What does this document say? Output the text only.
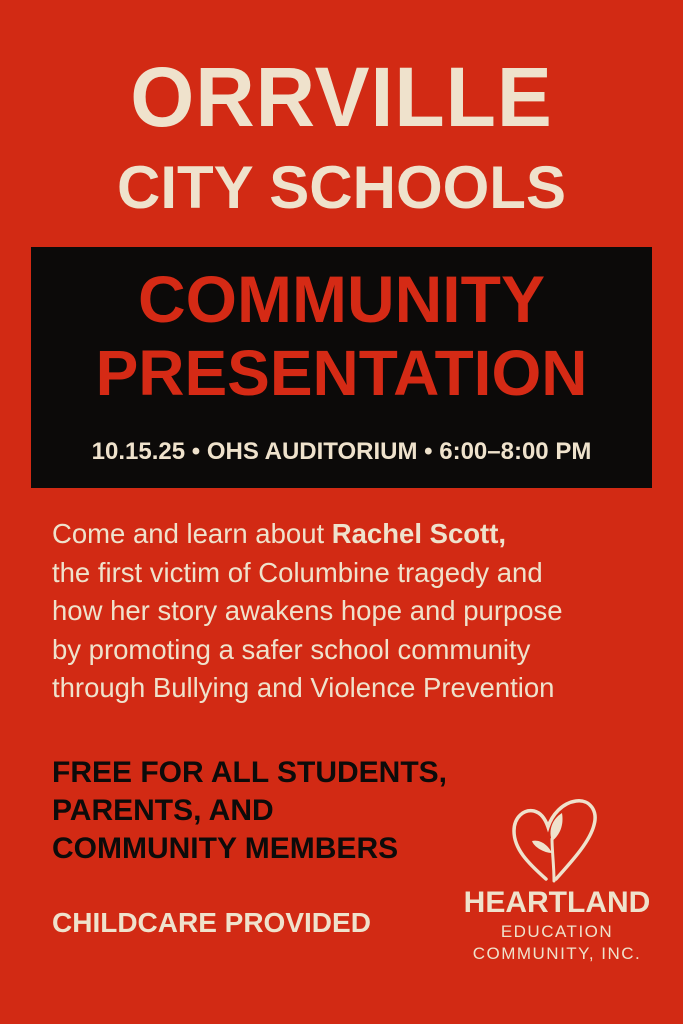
ORRVILLE
CITY SCHOOLS
COMMUNITY
PRESENTATION
10.15.25 • OHS AUDITORIUM • 6:00–8:00 PM
Come and learn about Rachel Scott,
the first victim of Columbine tragedy and
how her story awakens hope and purpose
by promoting a safer school community
through Bullying and Violence Prevention
FREE FOR ALL STUDENTS,
PARENTS, AND
COMMUNITY MEMBERS
CHILDCARE PROVIDED
HEARTLAND
EDUCATION
COMMUNITY, INC.
